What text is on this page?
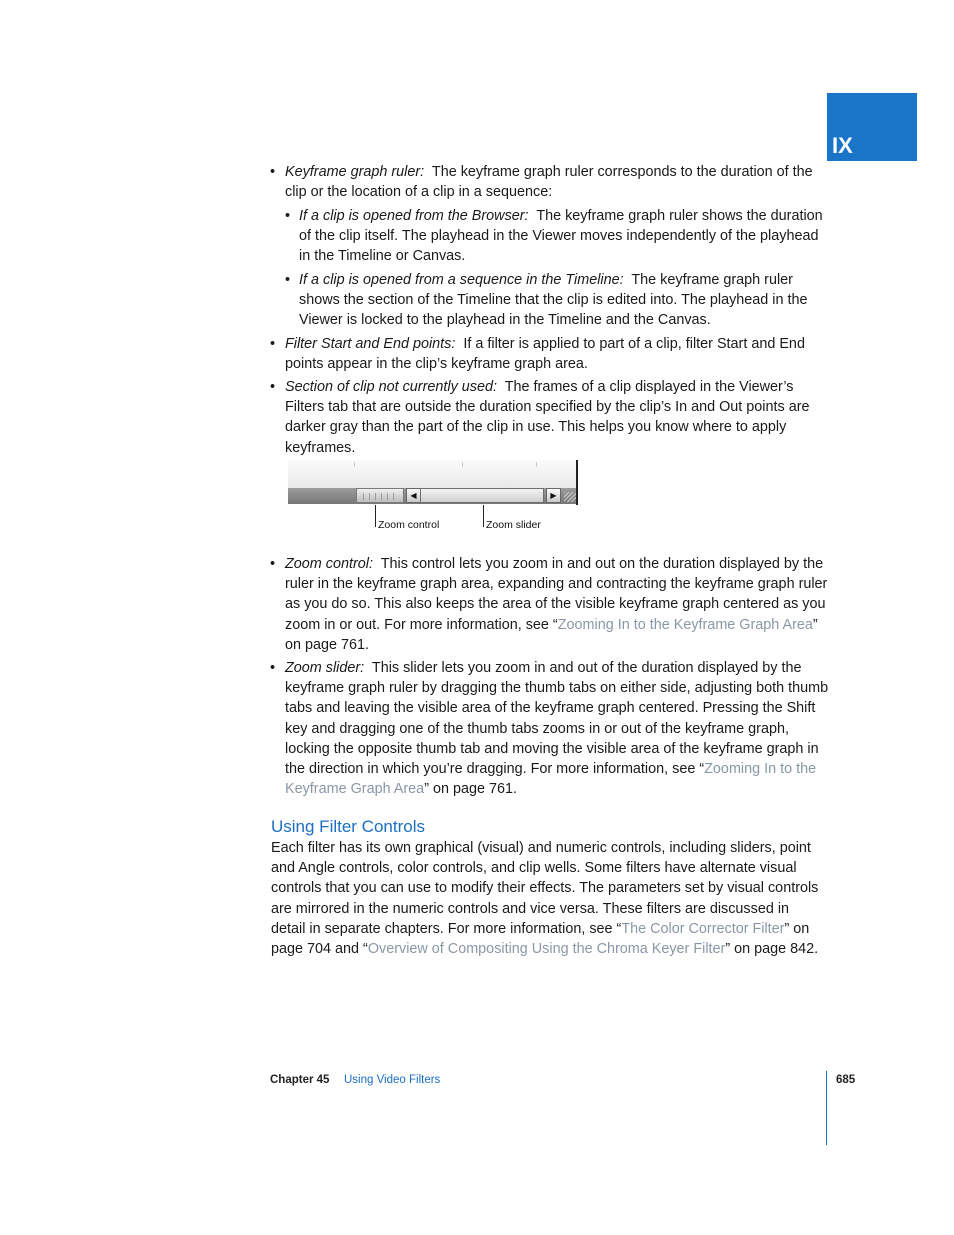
IX
• Keyframe graph ruler: The keyframe graph ruler corresponds to the duration of the clip or the location of a clip in a sequence:
• If a clip is opened from the Browser: The keyframe graph ruler shows the duration of the clip itself. The playhead in the Viewer moves independently of the playhead in the Timeline or Canvas.
• If a clip is opened from a sequence in the Timeline: The keyframe graph ruler shows the section of the Timeline that the clip is edited into. The playhead in the Viewer is locked to the playhead in the Timeline and the Canvas.
• Filter Start and End points: If a filter is applied to part of a clip, filter Start and End points appear in the clip’s keyframe graph area.
• Section of clip not currently used: The frames of a clip displayed in the Viewer’s Filters tab that are outside the duration specified by the clip’s In and Out points are darker gray than the part of the clip in use. This helps you know where to apply keyframes.
◀	▶
Zoom control	Zoom slider
• Zoom control: This control lets you zoom in and out on the duration displayed by the ruler in the keyframe graph area, expanding and contracting the keyframe graph ruler as you do so. This also keeps the area of the visible keyframe graph centered as you zoom in or out. For more information, see “Zooming In to the Keyframe Graph Area” on page 761.
• Zoom slider: This slider lets you zoom in and out of the duration displayed by the keyframe graph ruler by dragging the thumb tabs on either side, adjusting both thumb tabs and leaving the visible area of the keyframe graph centered. Pressing the Shift key and dragging one of the thumb tabs zooms in or out of the keyframe graph, locking the opposite thumb tab and moving the visible area of the keyframe graph in the direction in which you’re dragging. For more information, see “Zooming In to the Keyframe Graph Area” on page 761.
Using Filter Controls
Each filter has its own graphical (visual) and numeric controls, including sliders, point and Angle controls, color controls, and clip wells. Some filters have alternate visual controls that you can use to modify their effects. The parameters set by visual controls are mirrored in the numeric controls and vice versa. These filters are discussed in detail in separate chapters. For more information, see “The Color Corrector Filter” on page 704 and “Overview of Compositing Using the Chroma Keyer Filter” on page 842.
Chapter 45 Using Video Filters	685
